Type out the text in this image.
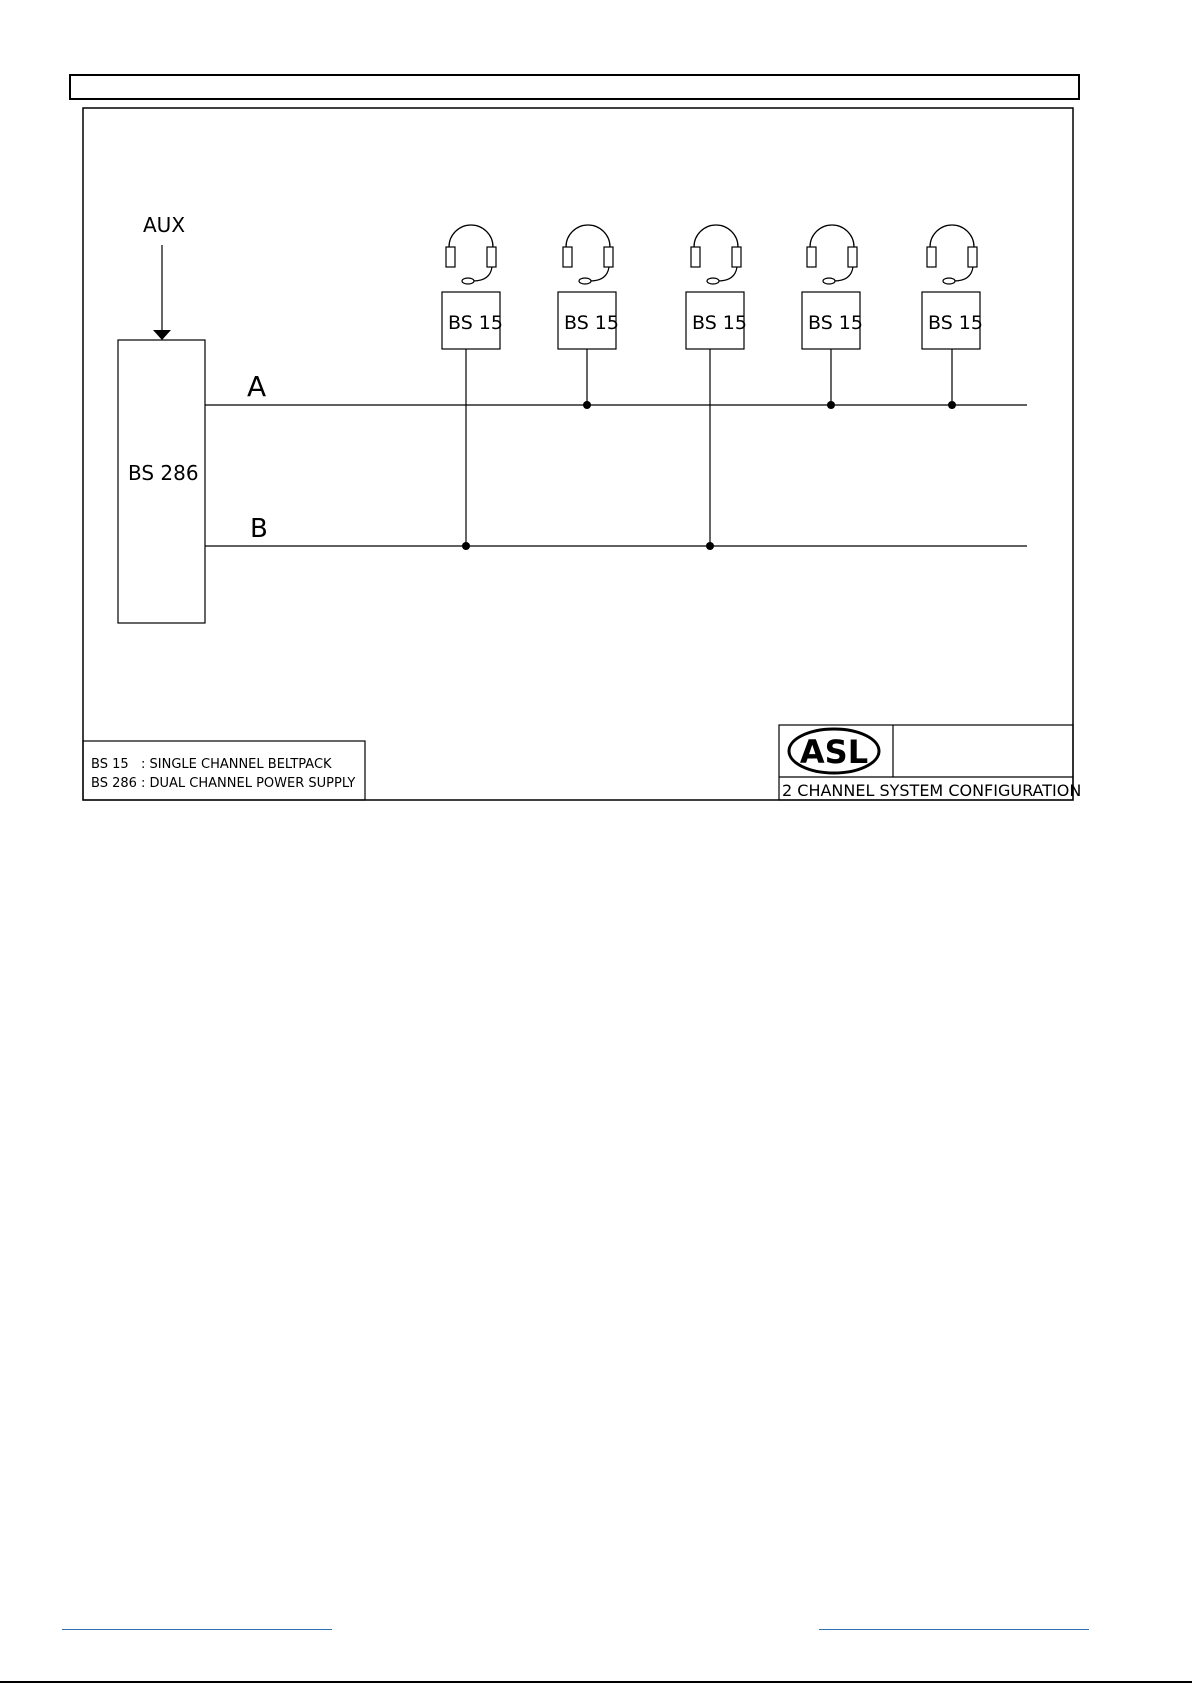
AUX
BS 286
A
B
BS 15	BS 15	BS 15	BS 15	BS 15
BS 15 : SINGLE CHANNEL BELTPACK
BS 286 : DUAL CHANNEL POWER SUPPLY
ASL
2 CHANNEL SYSTEM CONFIGURATION
